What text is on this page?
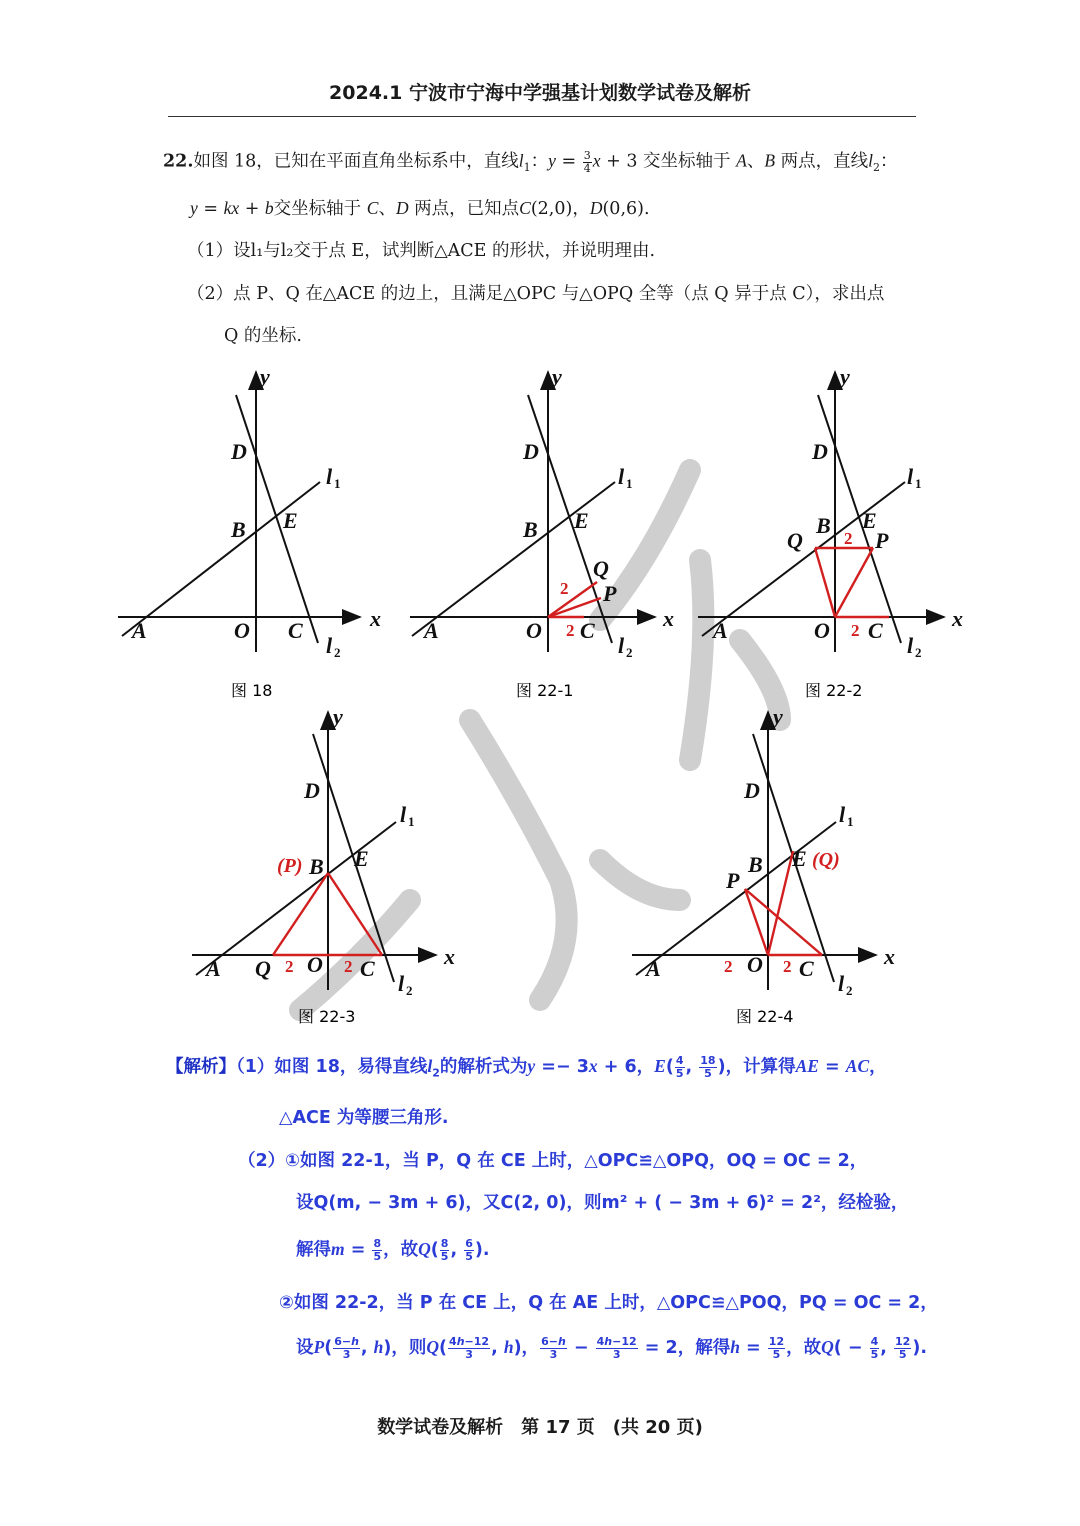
2024.1 宁波市宁海中学强基计划数学试卷及解析
22.如图 18，已知在平面直角坐标系中，直线$l_1$：$y = \frac{3}{4}$ x + 3 交坐标轴于 A、B 两点，直线$l_2$：
y = kx + b交坐标轴于 C、D 两点，已知点C(2,0)，D(0,6).
（1）设l₁与l₂交于点 E，试判断△ACE 的形状，并说明理由.
（2）点 P、Q 在△ACE 的边上，且满足△OPC 与△OPQ 全等（点 Q 异于点 C），求出点
Q 的坐标.
y
x
D
B E
A	O C
l 1
l 2
图 18
y
x
D
B E
Q
P
2
2
A	O C
l 1
l 2
图 22-1
y
x
D
B E
Q	P
2
2
A	O C
l 1
l 2
图 22-2
y
x
D
(P) B E
A Q 2 O 2 C
l 1
l 2
图 22-3
y
x
D
B E (Q)
P
A	2 O 2 C
l 1
l 2
图 22-4
【解析】（1）如图 18，易得直线$l_2$的解析式为y =− 3x + 6，$E( \frac{4}{5}$ , $\frac{18}{5}$ )，计算得AE = AC，
△ACE 为等腰三角形.
（2）①如图 22-1，当 P，Q 在 CE 上时，△OPC≌△OPQ，OQ = OC = 2，
设Q(m, − 3m + 6)，又C(2, 0)，则m² + ( − 3m + 6)² = 2²，经检验，
解得$m = \frac{8}{5}$ ，故$Q( \frac{8}{5}$ , $\frac{6}{5}$ ).
②如图 22-2，当 P 在 CE 上，Q 在 AE 上时，△OPC≌△POQ，PQ = OC = 2，
设$P( \frac{6-h}{3}$ , h)，则$Q( \frac{4h-12}{3}$ , h)， $\frac{6-h}{3} - \frac{4h-12}{3} = 2$，解得$h = \frac{12}{5}$ ，故$Q( - \frac{4}{5}$ , $\frac{12}{5}$ ).
数学试卷及解析　第 17 页　(共 20 页)
